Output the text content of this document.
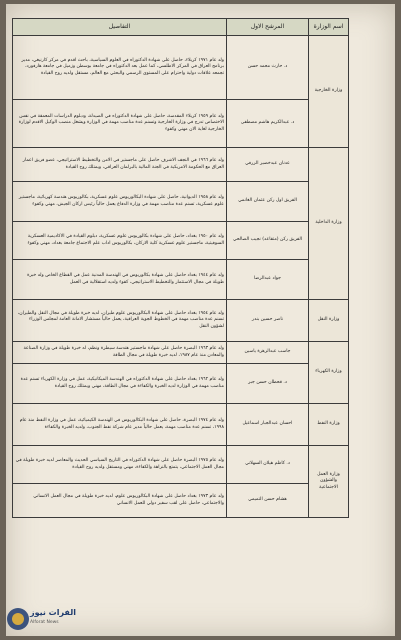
اسم الوزارة	المرشح الاول	التفاصيل
وزارة الخارجية	د. حارث محمد حسن	ولد عام ١٩٧١ كربلاء، حاصل على شهادة الدكتوراه في العلوم السياسية، باحث اقدم في مركز كارنيغي، مدير برنامج العراق في المركز الاطلسي، كما عمل بعد الدكتوراه في جامعة بوسطن وزميل في جامعة هارفورد، تجمعه علاقات دولية واحترام على المستوى الرسمي والبحثي مع العالم، مستقل ولديه روح القيادة
	د. عبدالكريم هاشم مصطفى	ولد عام ١٩٥٩ كربلاء المقدسة، حاصل على شهادة الدكتوراه في الصيدلة، ودبلوم الدراسات المعمقة في نفس الاختصاص تدرج في وزارة الخارجية وتسنم عدة مناصب مهمة في الوزارة ويشغل منصب الوكيل الاقدم لوزارة الخارجية لغاية الان مهني وكفوء
وزارة الداخلية	عدنان عبدخضير الزرفي	ولد عام ١٩٦٦ في النجف الاشرف حاصل على ماجستير في الامن والتخطيط الاستراتيجي، عضو فريق اعمار العراق مع الحكومة الامريكية في الجنة المالية بالبرلمان العراقي، ويمتلك روح القيادة
	الفريق اول ركن عثمان الغانمي	ولد عام ١٩٥٨ الديوانية، حاصل على شهادة البكالوريوس علوم عسكرية، بكالوريوس هندسة كهربائية، ماجستير علوم عسكرية، تسنم عدة مناصب مهمة في وزارة الدفاع يعمل حالياً رئيس اركان الجيش، مهني وكفوء
	الفريق ركن (متقاعد) نجيب الصالحي	ولد عام ١٩٥٠ بغداد، حاصل على شهادة بكالوريوس علوم عسكرية، دبلوم القيادة في الاكاديمية العسكرية السوفيتية، ماجستير علوم عسكرية كلية الاركان، بكالوريوس اداب علم الاجتماع جامعة بغداد، مهني وكفوء
	جواد عبدالرضا	ولد عام ١٩٤٤ بغداد حاصل على شهادة بكالوريوس في الهندسة المدنية عمل في القطاع الخاص وله خبرة طويلة في مجال الاستثمار والتخطيط الاستراتيجي، كفوء ولديه استقلالية في العمل
وزارة النقل	ناصر حسين بندر	ولد عام ١٩٥٤ بغداد حاصل على شهادة البكالوريوس علوم طيران، لديه خبرة طويلة في مجال النقل والطيران، تسنم عدة مناصب مهمة في الخطوط الجوية العراقية، يعمل حالياً مستشار الامانة العامة لمجلس الوزراء لشؤون النقل
وزارة الكهرباء	جاسب عبدالزهرة ياسين	ولد عام ١٩٦٣ البصرة حاصل على شهادة ماجستير هندسة سيطرة ونظم، له خبرة طويلة في وزارة الصناعة والمعادن منذ عام ١٩٨٧، لديه خبرة طويلة في مجال الطاقة
	د. قحطان حسن جبر	ولد عام ١٩٦٢ بغداد حاصل على شهادة الدكتوراه في الهندسة الميكانيكية، عمل في وزارة الكهرباء تسنم عدة مناصب مهمة في الوزارة لديه الخبرة والكفاءة في مجال الطاقة، مهني ويمتلك روح القيادة
وزارة النفط	احسان عبدالجبار اسماعيل	ولد عام ١٩٧٤ البصرة، حاصل على شهادة البكالوريوس في الهندسة الكيميائية، عمل في وزارة النفط منذ عام ١٩٩٨، تسنم عدة مناصب مهمة، يعمل حالياً مدير عام شركة نفط الجنوب، ولديه الخبرة والكفاءة
وزارة العمل والشؤون الاجتماعية	د. كاظم هيلان السهلاني	ولد عام ١٩٧٥ البصرة حاصل على شهادة الدكتوراه في التاريخ السياسي الحديث والمعاصر لديه خبرة طويلة في مجال العمل الاجتماعي، يتمتع بالنزاهة والكفاءة، مهني ومستقل ولديه روح القيادة
	هشام حسن التميمي	ولد عام ١٩٧٣ بغداد حاصل على شهادة البكالوريوس علوم، لديه خبرة طويلة في مجال العمل الانساني والاجتماعي، حاصل على لقب سفير دولي للعمل الانساني
الفرات نيوز
Alforat News
